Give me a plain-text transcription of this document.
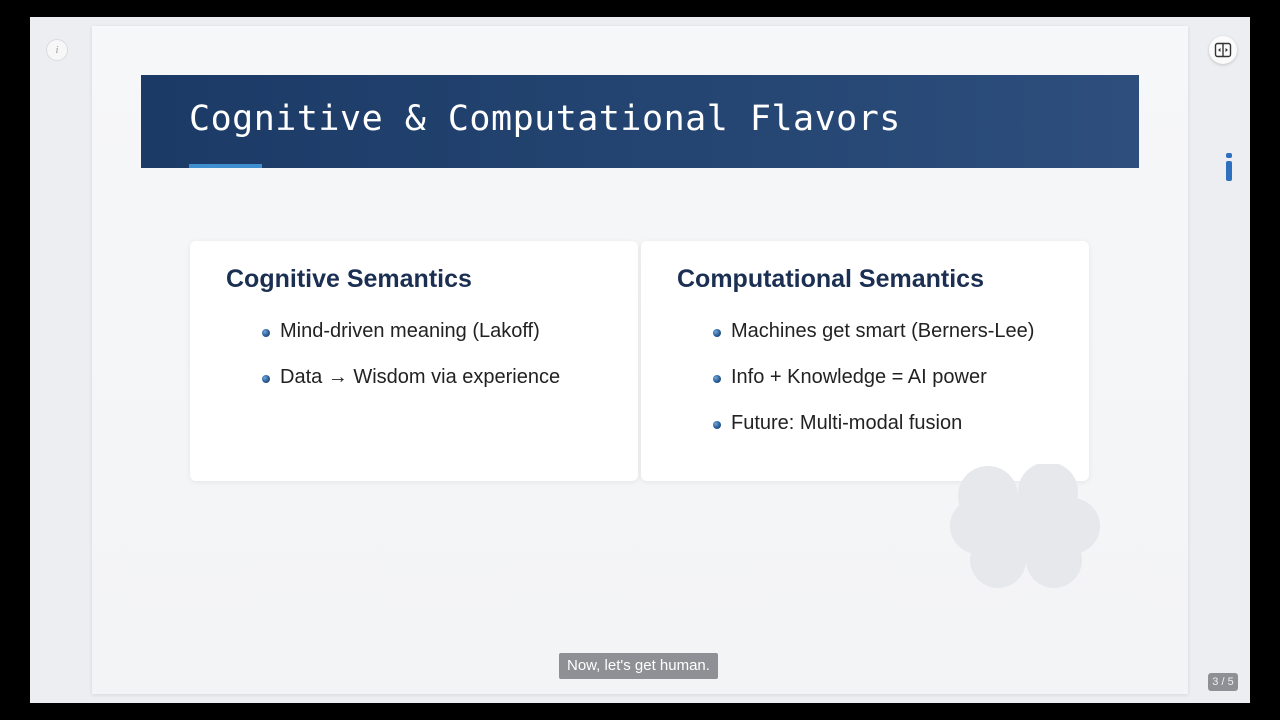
i
Cognitive & Computational Flavors
Cognitive Semantics
Mind-driven meaning (Lakoff)
Data → Wisdom via experience
Computational Semantics
Machines get smart (Berners-Lee)
Info + Knowledge = AI power
Future: Multi-modal fusion
Now, let's get human.
3 / 5
